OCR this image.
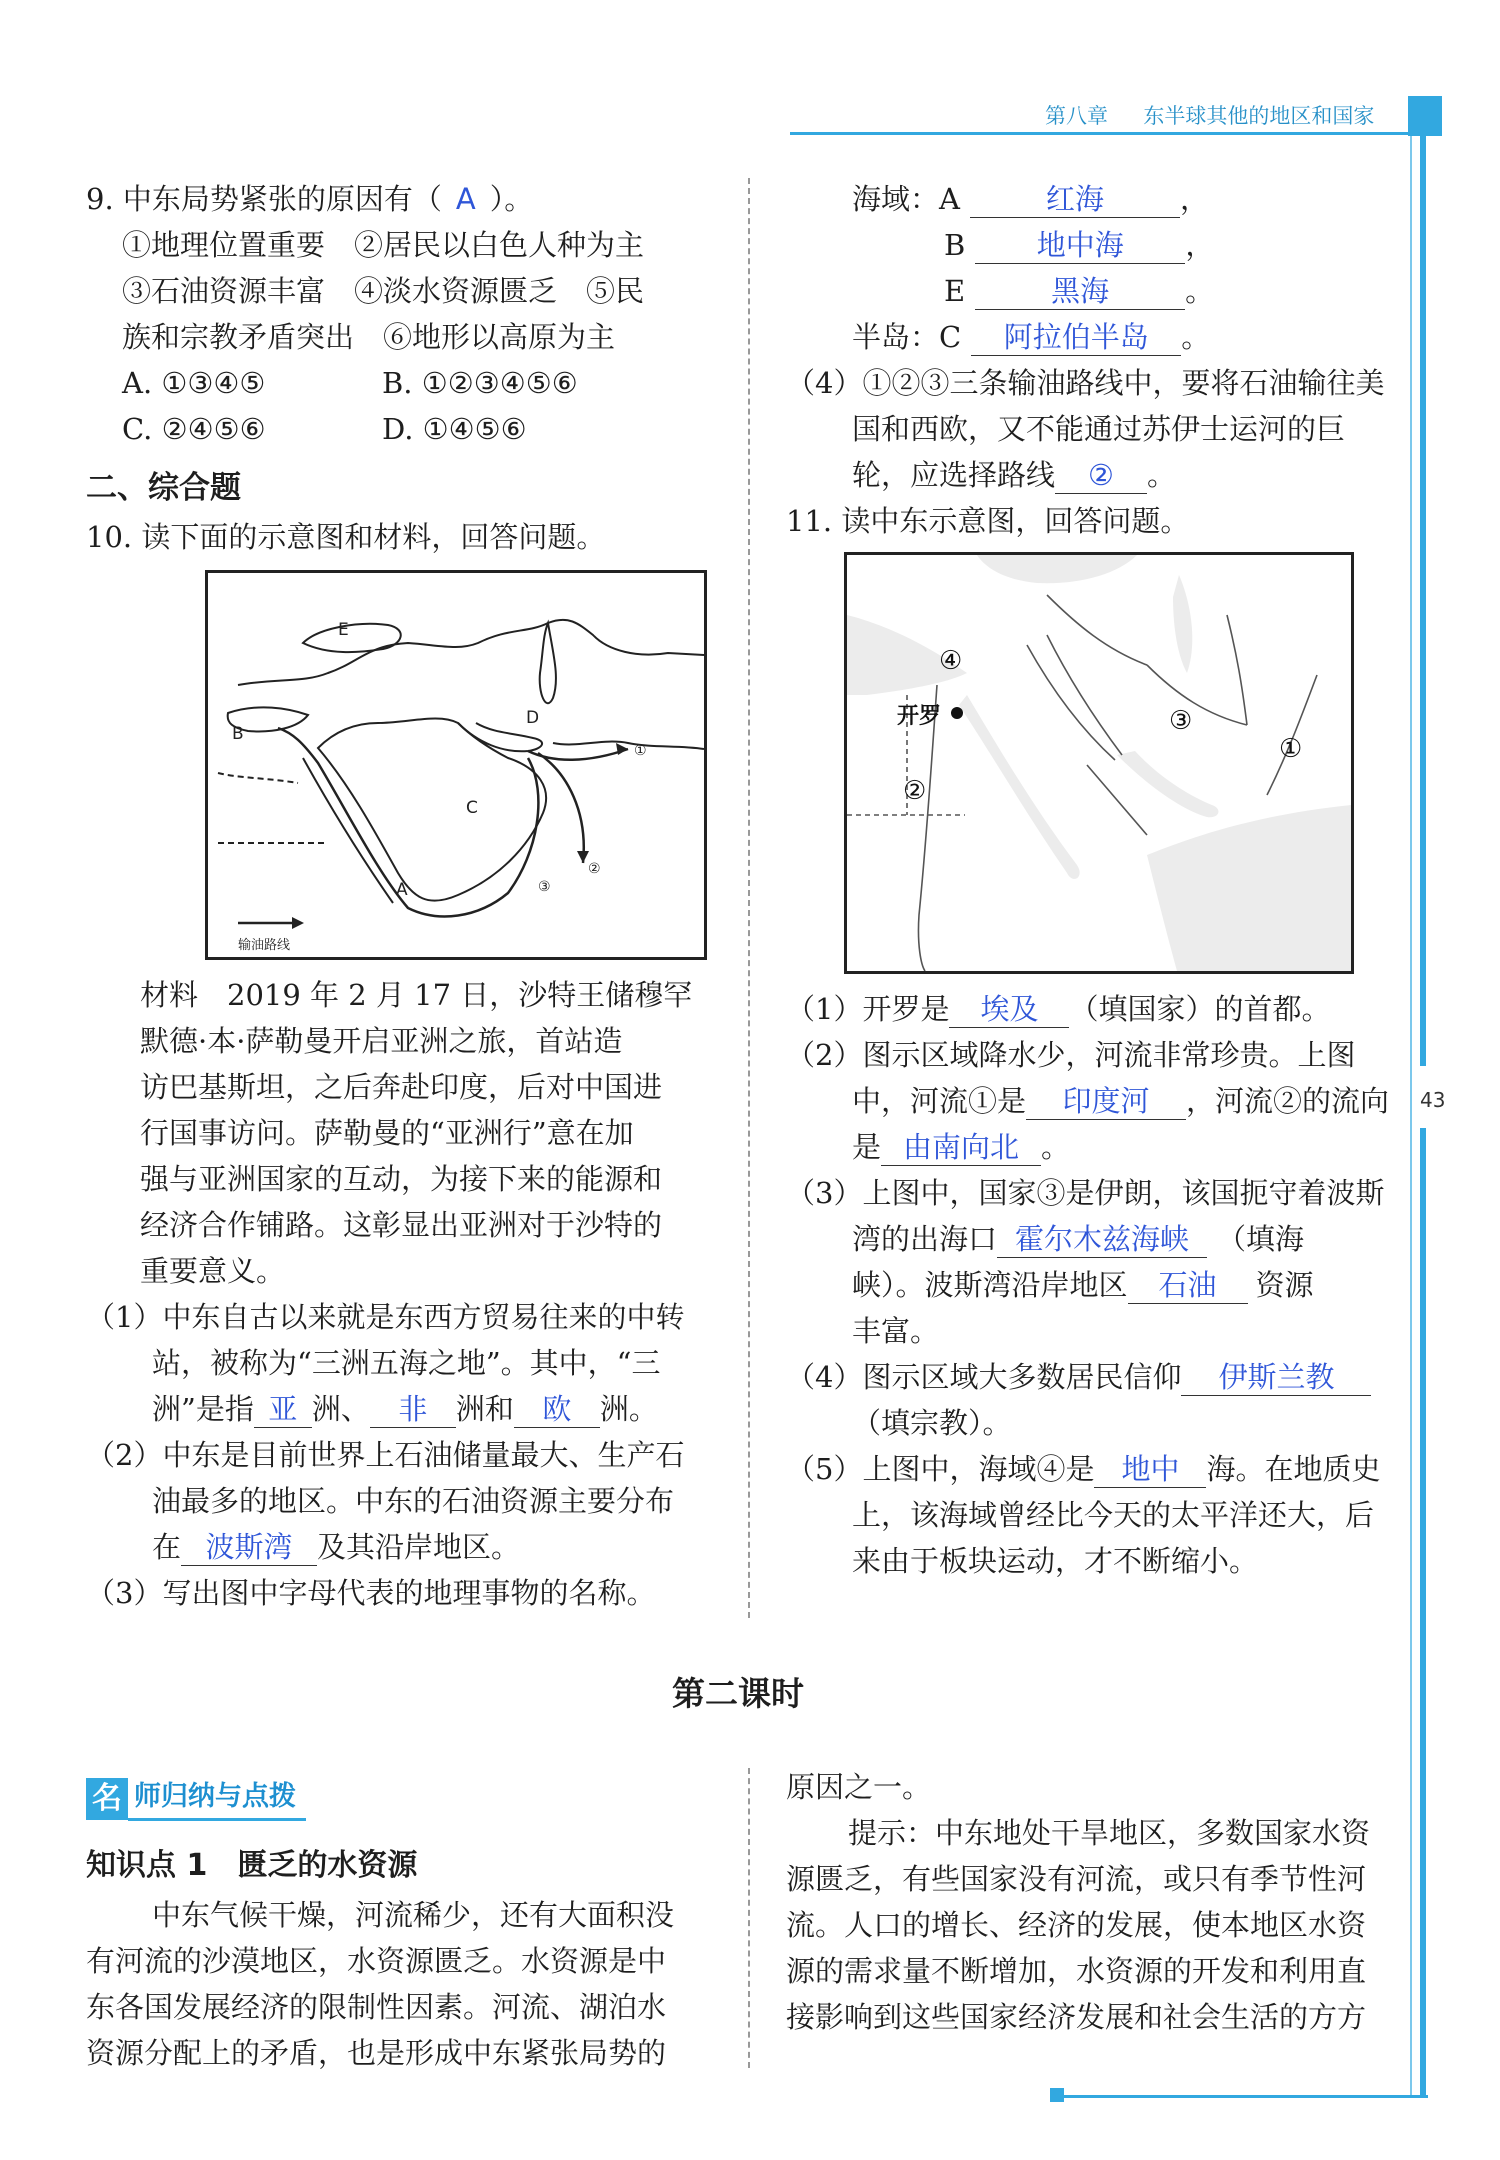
第八章 东半球其他的地区和国家
43
9. 中东局势紧张的原因有（ A ）。
①地理位置重要　②居民以白色人种为主
③石油资源丰富　④淡水资源匮乏　⑤民
族和宗教矛盾突出　⑥地形以高原为主
A. ①③④⑤	B. ①②③④⑤⑥
C. ②④⑤⑥	D. ①④⑤⑥
二、综合题
10. 读下面的示意图和材料，回答问题。
E
B
D
C
A
①
②
③
输油路线
材料　2019 年 2 月 17 日，沙特王储穆罕
默德·本·萨勒曼开启亚洲之旅，首站造
访巴基斯坦，之后奔赴印度，后对中国进
行国事访问。萨勒曼的“亚洲行”意在加
强与亚洲国家的互动，为接下来的能源和
经济合作铺路。这彰显出亚洲对于沙特的
重要意义。
（1）中东自古以来就是东西方贸易往来的中转
站，被称为“三洲五海之地”。其中，“三
洲”是指 亚 洲、 非 洲和 欧 洲。
（2）中东是目前世界上石油储量最大、生产石
油最多的地区。中东的石油资源主要分布
在 波斯湾 及其沿岸地区。
（3）写出图中字母代表的地理事物的名称。
海域：A	红海	，
B 地中海 ，
E	黑海	。
半岛：C 阿拉伯半岛 。
（4）①②③三条输油路线中，要将石油输往美
国和西欧，又不能通过苏伊士运河的巨
轮，应选择路线 ② 。
11. 读中东示意图，回答问题。
开罗
①
②
③
④
（1）开罗是 埃及 （填国家）的首都。
（2）图示区域降水少，河流非常珍贵。上图
中，河流①是 印度河 ，河流②的流向
是 由南向北 。
（3）上图中，国家③是伊朗，该国扼守着波斯
湾的出海口 霍尔木兹海峡 （填海
峡）。波斯湾沿岸地区 石油 资源
丰富。
（4）图示区域大多数居民信仰 伊斯兰教
（填宗教）。
（5）上图中，海域④是 地中 海。在地质史
上，该海域曾经比今天的太平洋还大，后
来由于板块运动，才不断缩小。
第二课时
名 师归纳与点拨
知识点 1　匮乏的水资源
中东气候干燥，河流稀少，还有大面积没
有河流的沙漠地区，水资源匮乏。水资源是中
东各国发展经济的限制性因素。河流、湖泊水
资源分配上的矛盾，也是形成中东紧张局势的
原因之一。
提示：中东地处干旱地区，多数国家水资
源匮乏，有些国家没有河流，或只有季节性河
流。人口的增长、经济的发展，使本地区水资
源的需求量不断增加，水资源的开发和利用直
接影响到这些国家经济发展和社会生活的方方
